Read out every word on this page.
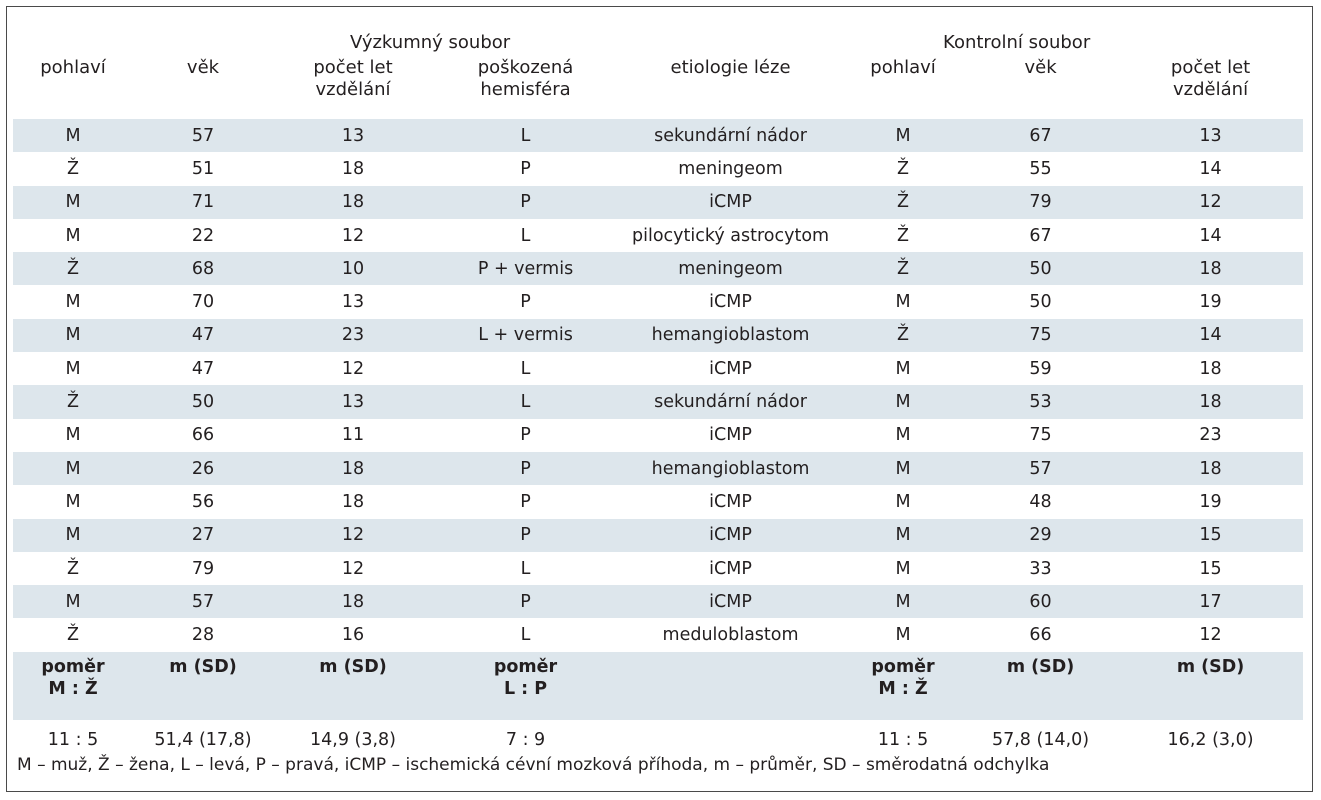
Výzkumný soubor					Kontrolní soubor		
pohlaví	věk	počet let vzdělání	poškozená hemisféra	etiologie léze	pohlaví	věk	počet let vzdělání
M	57	13	L	sekundární nádor	M	67	13
Ž	51	18	P	meningeom	Ž	55	14
M	71	18	P	iCMP	Ž	79	12
M	22	12	L	pilocytický astrocytom	Ž	67	14
Ž	68	10	P + vermis	meningeom	Ž	50	18
M	70	13	P	iCMP	M	50	19
M	47	23	L + vermis	hemangioblastom	Ž	75	14
M	47	12	L	iCMP	M	59	18
Ž	50	13	L	sekundární nádor	M	53	18
M	66	11	P	iCMP	M	75	23
M	26	18	P	hemangioblastom	M	57	18
M	56	18	P	iCMP	M	48	19
M	27	12	P	iCMP	M	29	15
Ž	79	12	L	iCMP	M	33	15
M	57	18	P	iCMP	M	60	17
Ž	28	16	L	meduloblastom	M	66	12
poměr M : Ž	m (SD)	m (SD)	poměr L : P		poměr M : Ž	m (SD)	m (SD)
11 : 5	51,4 (17,8)	14,9 (3,8)	7 : 9		11 : 5	57,8 (14,0)	16,2 (3,0)
M – muž, Ž – žena, L – levá, P – pravá, iCMP – ischemická cévní mozková příhoda, m – průměr, SD – směrodatná odchylka
